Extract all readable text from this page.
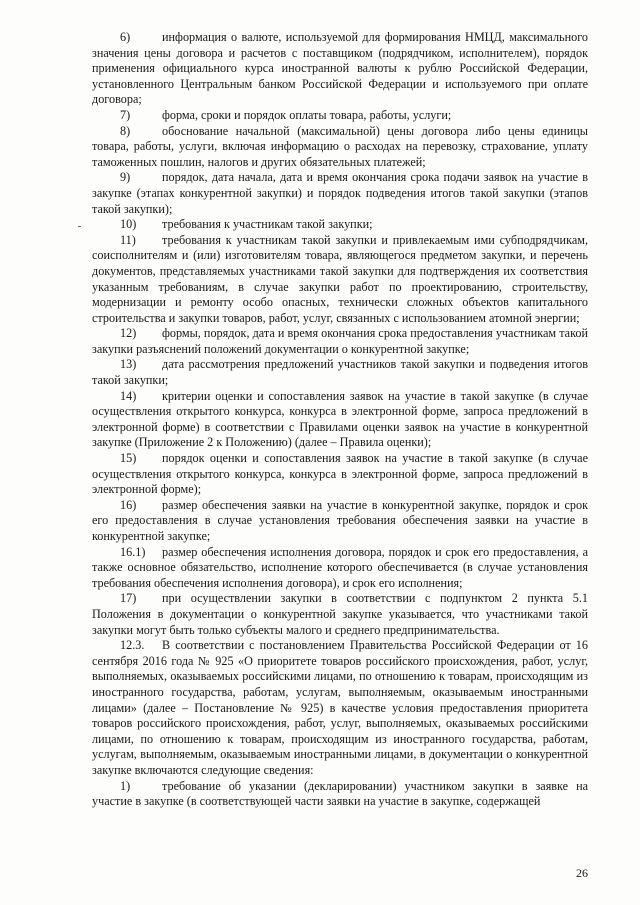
6)	информация о валюте, используемой для формирования НМЦД, максимального значения цены договора и расчетов с поставщиком (подрядчиком, исполнителем), порядок применения официального курса иностранной валюты к рублю Российской Федерации, установленного Центральным банком Российской Федерации и используемого при оплате договора;

7)	форма, сроки и порядок оплаты товара, работы, услуги;

8)	обоснование начальной (максимальной) цены договора либо цены единицы товара, работы, услуги, включая информацию о расходах на перевозку, страхование, уплату таможенных пошлин, налогов и других обязательных платежей;

9)	порядок, дата начала, дата и время окончания срока подачи заявок на участие в закупке (этапах конкурентной закупки) и порядок подведения итогов такой закупки (этапов такой закупки);

10) требования к участникам такой закупки;

11) требования к участникам такой закупки и привлекаемым ими субподрядчикам, соисполнителям и (или) изготовителям товара, являющегося предметом закупки, и перечень документов, представляемых участниками такой закупки для подтверждения их соответствия указанным требованиям, в случае закупки работ по проектированию, строительству, модернизации и ремонту особо опасных, технически сложных объектов капитального строительства и закупки товаров, работ, услуг, связанных с использованием атомной энергии;

12) формы, порядок, дата и время окончания срока предоставления участникам такой закупки разъяснений положений документации о конкурентной закупке;

13) дата рассмотрения предложений участников такой закупки и подведения итогов такой закупки;

14) критерии оценки и сопоставления заявок на участие в такой закупке (в случае осуществления открытого конкурса, конкурса в электронной форме, запроса предложений в электронной форме) в соответствии с Правилами оценки заявок на участие в конкурентной закупке (Приложение 2 к Положению) (далее – Правила оценки);

15) порядок оценки и сопоставления заявок на участие в такой закупке (в случае осуществления открытого конкурса, конкурса в электронной форме, запроса предложений в электронной форме);

16) размер обеспечения заявки на участие в конкурентной закупке, порядок и срок его предоставления в случае установления требования обеспечения заявки на участие в конкурентной закупке;

16.1) размер обеспечения исполнения договора, порядок и срок его предоставления, а также основное обязательство, исполнение которого обеспечивается (в случае установления требования обеспечения исполнения договора), и срок его исполнения;

17) при осуществлении закупки в соответствии с подпунктом 2 пункта 5.1 Положения в документации о конкурентной закупке указывается, что участниками такой закупки могут быть только субъекты малого и среднего предпринимательства.

12.3. В соответствии с постановлением Правительства Российской Федерации от 16 сентября 2016 года № 925 «О приоритете товаров российского происхождения, работ, услуг, выполняемых, оказываемых российскими лицами, по отношению к товарам, происходящим из иностранного государства, работам, услугам, выполняемым, оказываемым иностранными лицами» (далее – Постановление № 925) в качестве условия предоставления приоритета товаров российского происхождения, работ, услуг, выполняемых, оказываемых российскими лицами, по отношению к товарам, происходящим из иностранного государства, работам, услугам, выполняемым, оказываемым иностранными лицами, в документации о конкурентной закупке включаются следующие сведения:

1)	требование об указании (декларировании) участником закупки в заявке на участие в закупке (в соответствующей части заявки на участие в закупке, содержащей

26
